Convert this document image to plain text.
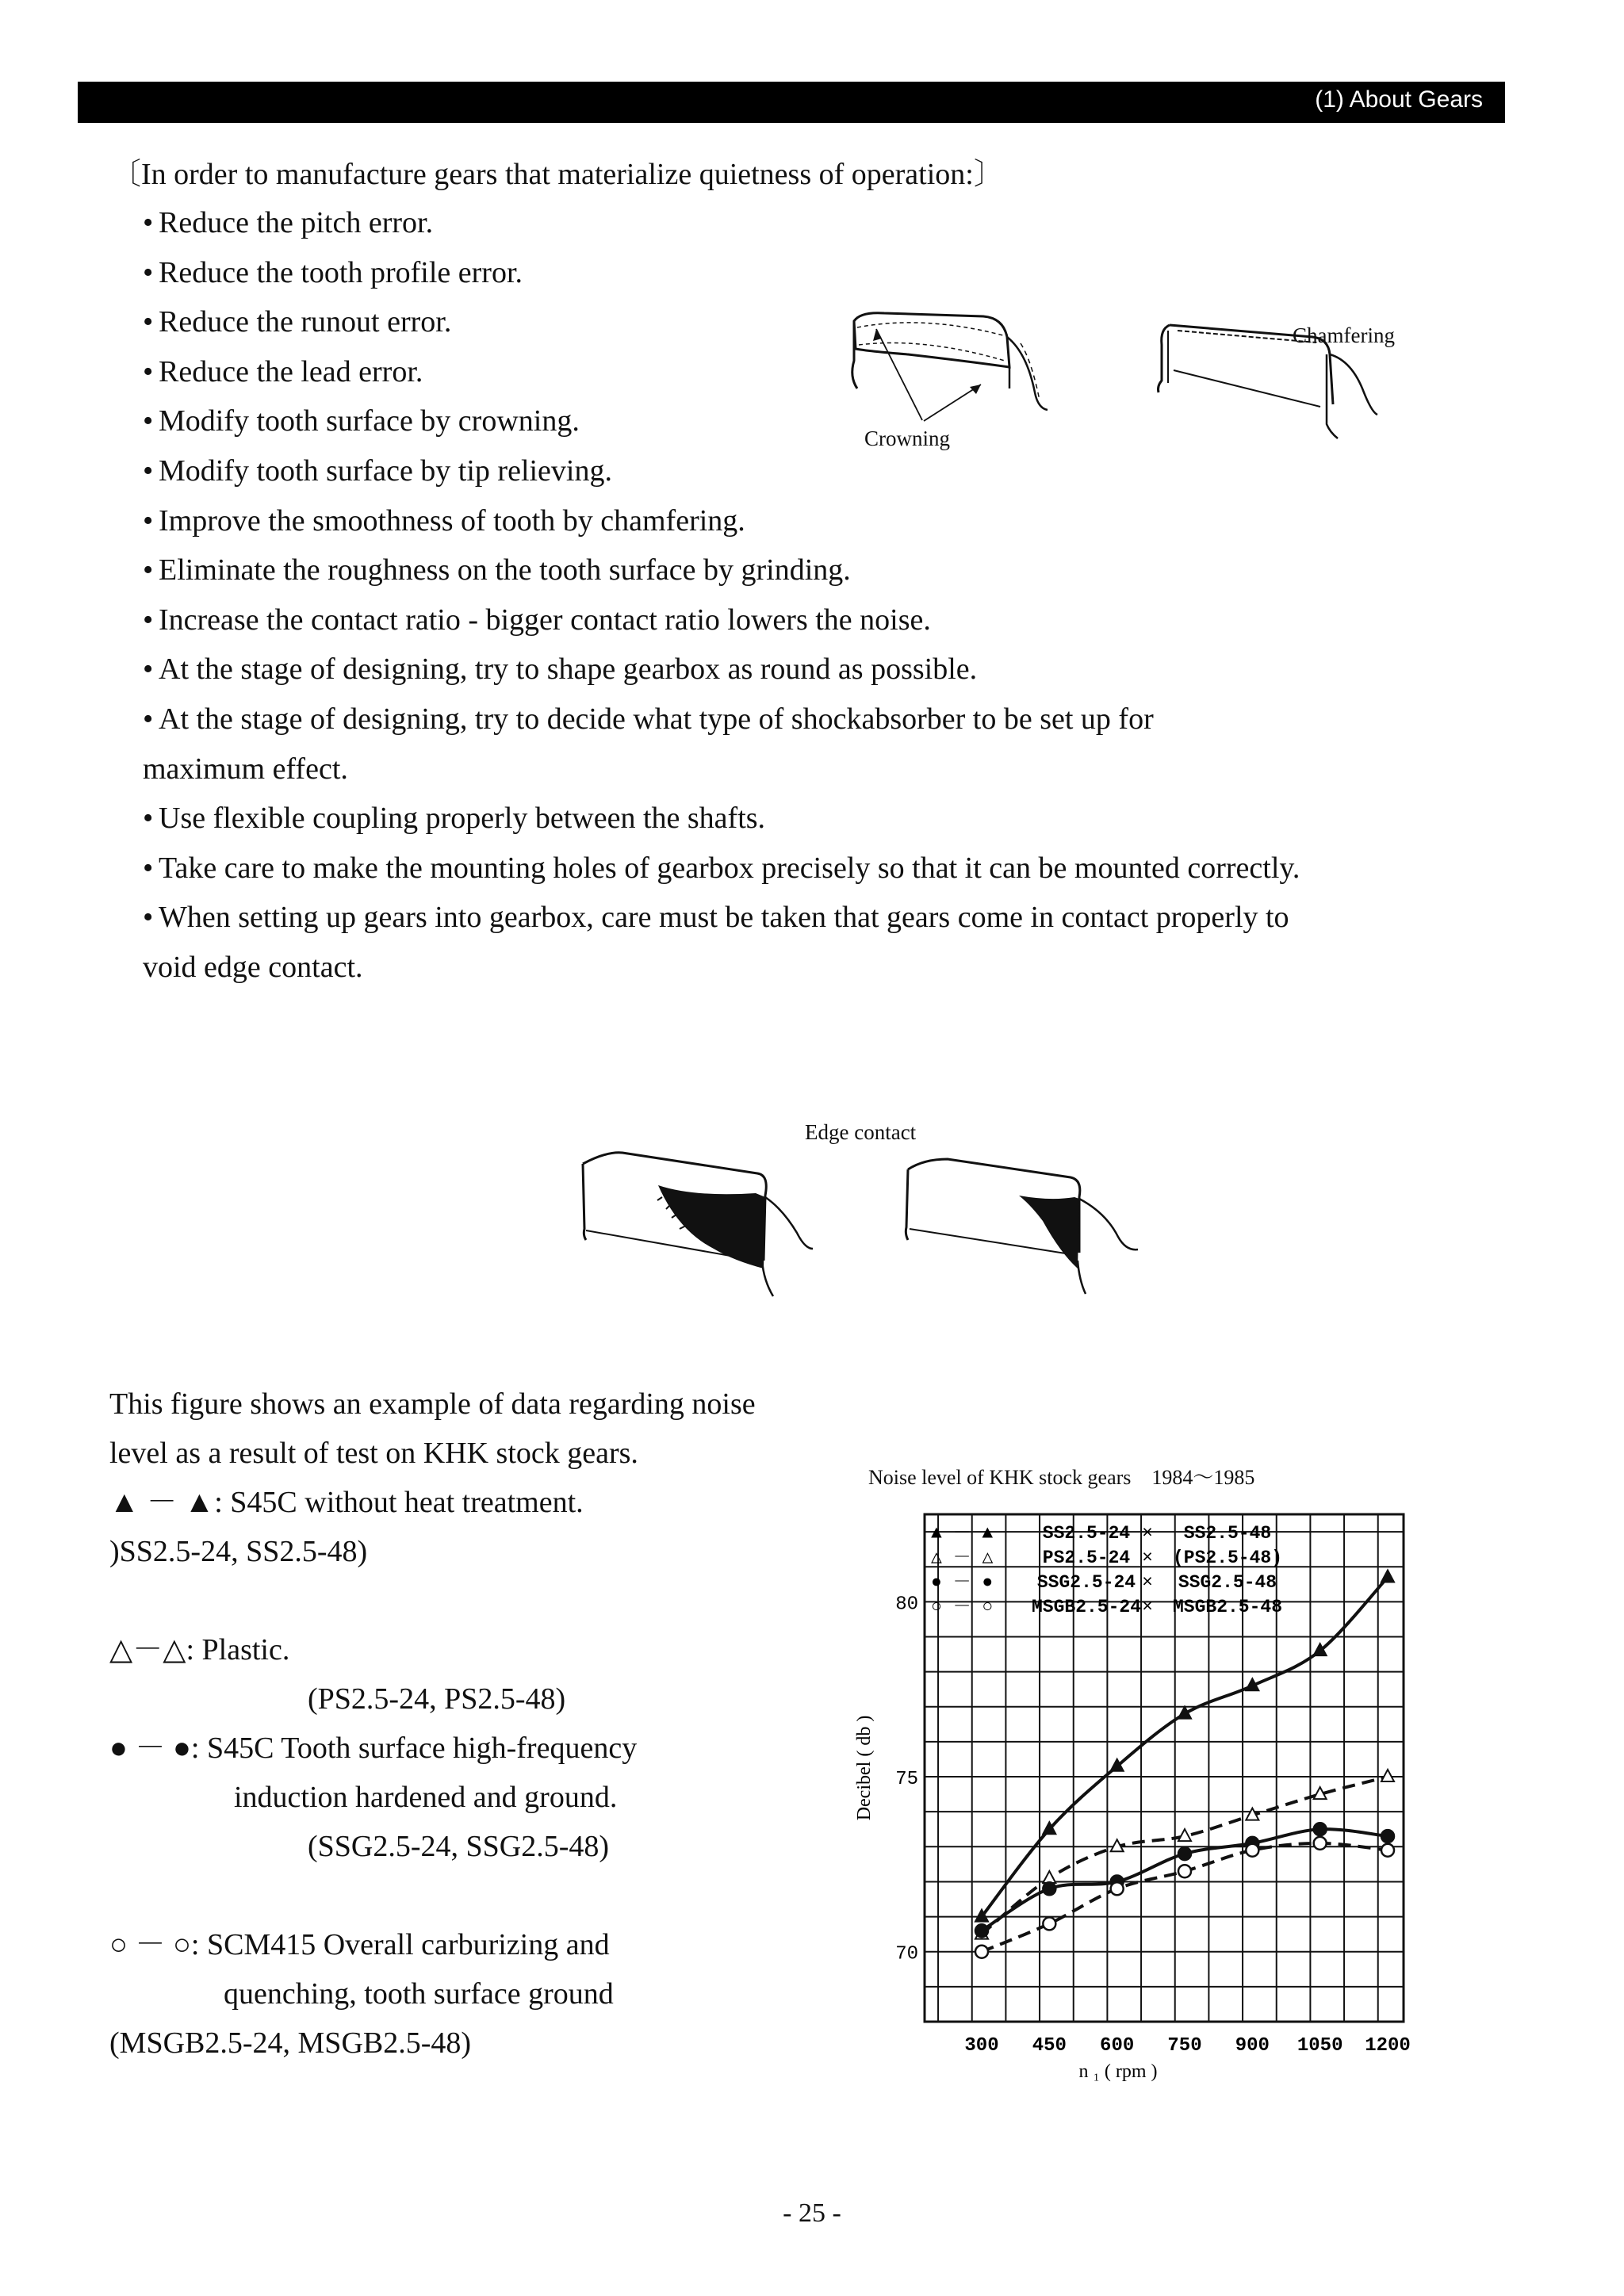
(1) About Gears
〔In order to manufacture gears that materialize quietness of operation:〕
• Reduce the pitch error.
• Reduce the tooth profile error.
• Reduce the runout error.
• Reduce the lead error.
• Modify tooth surface by crowning.
• Modify tooth surface by tip relieving.
• Improve the smoothness of tooth by chamfering.
• Eliminate the roughness on the tooth surface by grinding.
• Increase the contact ratio - bigger contact ratio lowers the noise.
• At the stage of designing, try to shape gearbox as round as possible.
• At the stage of designing, try to decide what type of shockabsorber to be set up for
maximum effect.
• Use flexible coupling properly between the shafts.
• Take care to make the mounting holes of gearbox precisely so that it can be mounted correctly.
• When setting up gears into gearbox, care must be taken that gears come in contact properly to
void edge contact.
Crowning
Chamfering
Edge contact
This figure shows an example of data regarding noise
level as a result of test on KHK stock gears.
▲ － ▲: S45C without heat treatment.
)SS2.5-24, SS2.5-48)
△－△: Plastic.
(PS2.5-24, PS2.5-48)
● － ●: S45C Tooth surface high-frequency
induction hardened and ground.
(SSG2.5-24, SSG2.5-48)
○ － ○: SCM415 Overall carburizing and
quenching, tooth surface ground
(MSGB2.5-24, MSGB2.5-48)
Noise level of KHK stock gears　1984～1985
70
75
80
300 450 600 750 900 1050 1200
▲ － ▲	SS2.5-24 × SS2.5-48
△ － △	PS2.5-24 × (PS2.5-48)
● － ● SSG2.5-24 × SSG2.5-48
○ － ○ MSGB2.5-24 × MSGB2.5-48
Decibel ( db )
n ₁ ( rpm )
- 25 -
